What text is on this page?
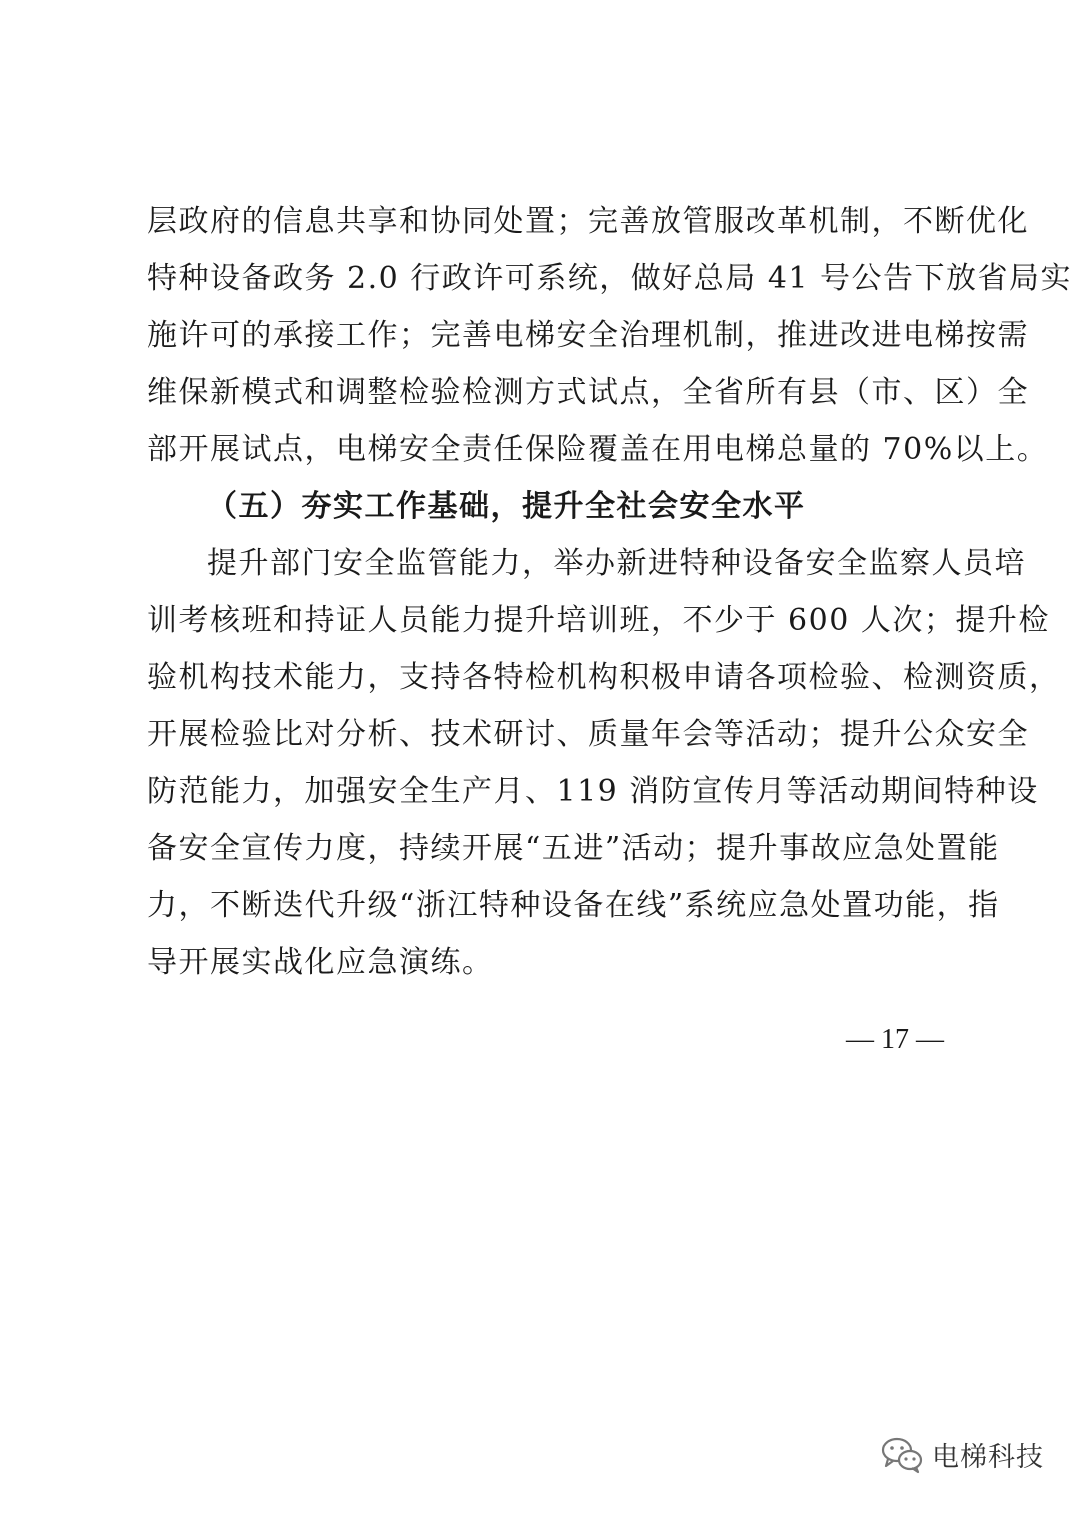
层政府的信息共享和协同处置；完善放管服改革机制，不断优化
特种设备政务 2.0 行政许可系统，做好总局 41 号公告下放省局实
施许可的承接工作；完善电梯安全治理机制，推进改进电梯按需
维保新模式和调整检验检测方式试点，全省所有县（市、区）全
部开展试点，电梯安全责任保险覆盖在用电梯总量的 70%以上。
（五）夯实工作基础，提升全社会安全水平
提升部门安全监管能力，举办新进特种设备安全监察人员培
训考核班和持证人员能力提升培训班，不少于 600 人次；提升检
验机构技术能力，支持各特检机构积极申请各项检验、检测资质，
开展检验比对分析、技术研讨、质量年会等活动；提升公众安全
防范能力，加强安全生产月、119 消防宣传月等活动期间特种设
备安全宣传力度，持续开展“五进”活动；提升事故应急处置能
力，不断迭代升级“浙江特种设备在线”系统应急处置功能，指
导开展实战化应急演练。
— 17 —
电梯科技
